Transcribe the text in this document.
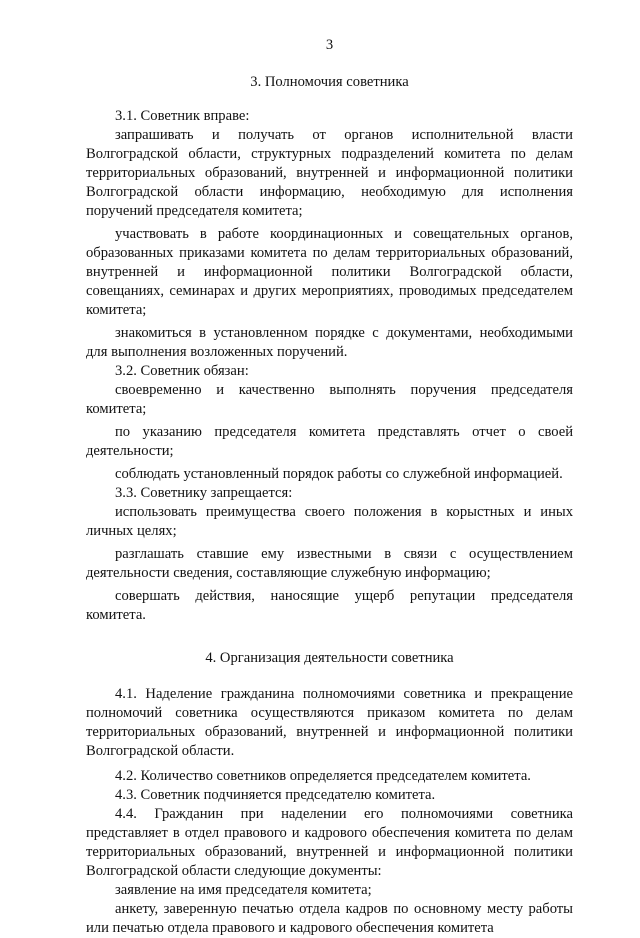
3
3. Полномочия советника

3.1. Советник вправе:

запрашивать и получать от органов исполнительной власти Волгоградской области, структурных подразделений комитета по делам территориальных образований, внутренней и информационной политики Волгоградской области информацию, необходимую для исполнения поручений председателя комитета;

участвовать в работе координационных и совещательных органов, образованных приказами комитета по делам территориальных образований, внутренней и информационной политики Волгоградской области, совещаниях, семинарах и других мероприятиях, проводимых председателем комитета;

знакомиться в установленном порядке с документами, необходимыми для выполнения возложенных поручений.

3.2. Советник обязан:

своевременно и качественно выполнять поручения председателя комитета;

по указанию председателя комитета представлять отчет о своей деятельности;

соблюдать установленный порядок работы со служебной информацией.

3.3. Советнику запрещается:

использовать преимущества своего положения в корыстных и иных личных целях;

разглашать ставшие ему известными в связи с осуществлением деятельности сведения, составляющие служебную информацию;

совершать действия, наносящие ущерб репутации председателя комитета.

4. Организация деятельности советника

4.1. Наделение гражданина полномочиями советника и прекращение полномочий советника осуществляются приказом комитета по делам территориальных образований, внутренней и информационной политики Волгоградской области.

4.2. Количество советников определяется председателем комитета.

4.3. Советник подчиняется председателю комитета.

4.4. Гражданин при наделении его полномочиями советника представляет в отдел правового и кадрового обеспечения комитета по делам территориальных образований, внутренней и информационной политики Волгоградской области следующие документы:

заявление на имя председателя комитета;

анкету, заверенную печатью отдела кадров по основному месту работы или печатью отдела правового и кадрового обеспечения комитета
